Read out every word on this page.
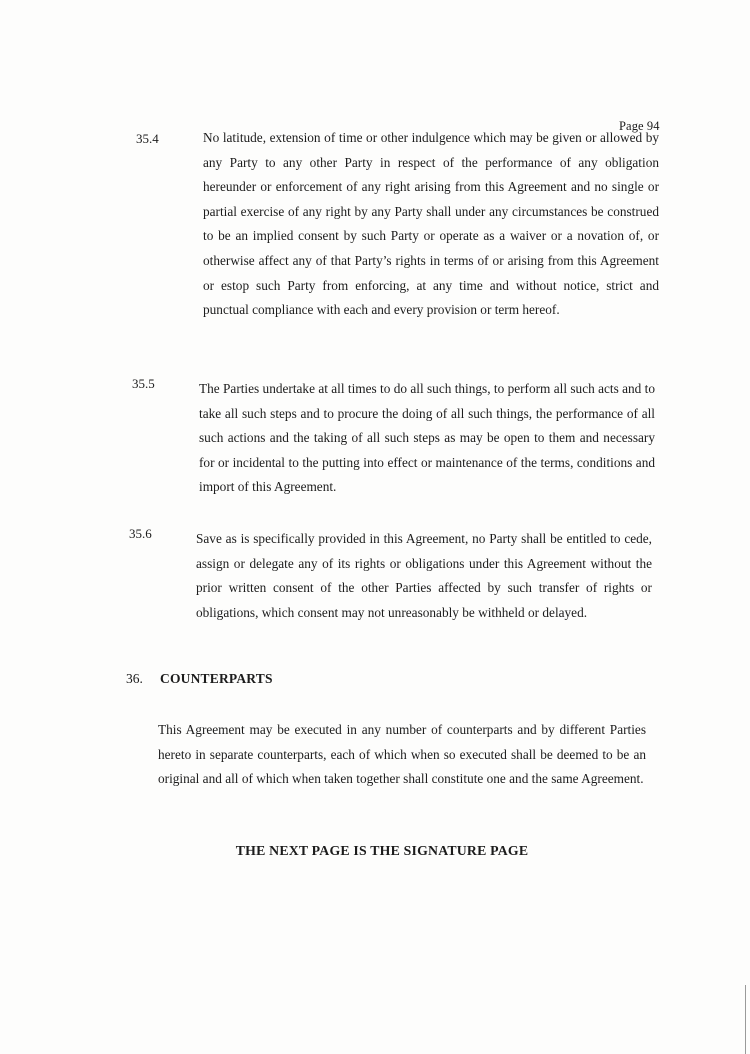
Page 94
35.4	No latitude, extension of time or other indulgence which may be given or allowed by any Party to any other Party in respect of the performance of any obligation hereunder or enforcement of any right arising from this Agreement and no single or partial exercise of any right by any Party shall under any circumstances be construed to be an implied consent by such Party or operate as a waiver or a novation of, or otherwise affect any of that Party’s rights in terms of or arising from this Agreement or estop such Party from enforcing, at any time and without notice, strict and punctual compliance with each and every provision or term hereof.
35.5	The Parties undertake at all times to do all such things, to perform all such acts and to take all such steps and to procure the doing of all such things, the performance of all such actions and the taking of all such steps as may be open to them and necessary for or incidental to the putting into effect or maintenance of the terms, conditions and import of this Agreement.
35.6	Save as is specifically provided in this Agreement, no Party shall be entitled to cede, assign or delegate any of its rights or obligations under this Agreement without the prior written consent of the other Parties affected by such transfer of rights or obligations, which consent may not unreasonably be withheld or delayed.
36. COUNTERPARTS
This Agreement may be executed in any number of counterparts and by different Parties hereto in separate counterparts, each of which when so executed shall be deemed to be an original and all of which when taken together shall constitute one and the same Agreement.
THE NEXT PAGE IS THE SIGNATURE PAGE
